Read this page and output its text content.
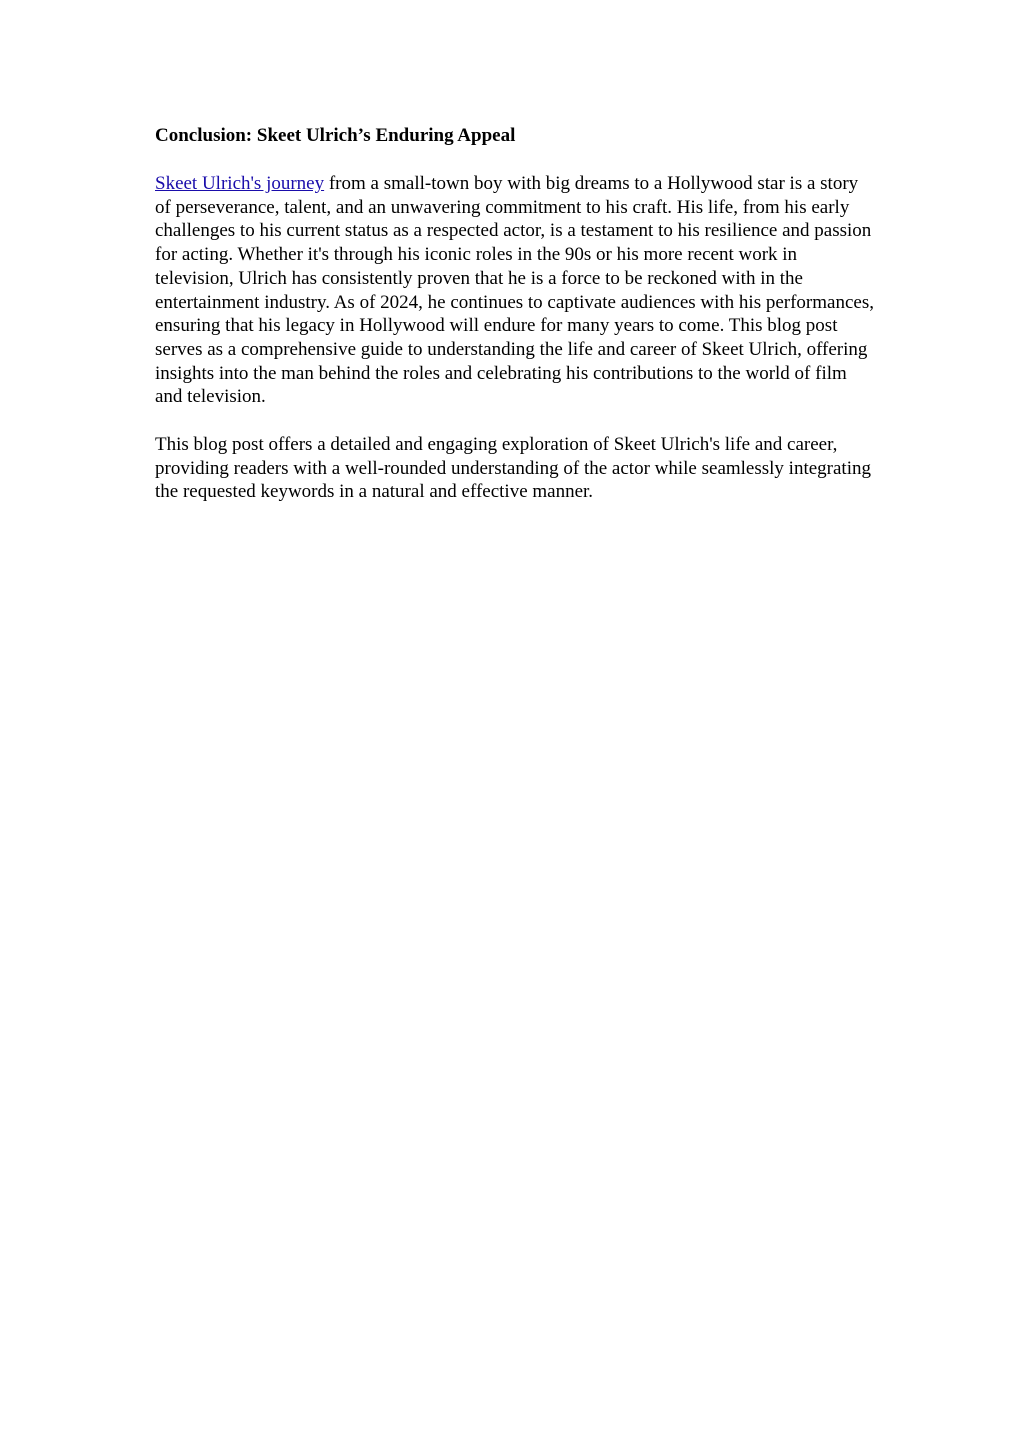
Conclusion: Skeet Ulrich’s Enduring Appeal

Skeet Ulrich's journey from a small-town boy with big dreams to a Hollywood star is a story of perseverance, talent, and an unwavering commitment to his craft. His life, from his early challenges to his current status as a respected actor, is a testament to his resilience and passion for acting. Whether it's through his iconic roles in the 90s or his more recent work in television, Ulrich has consistently proven that he is a force to be reckoned with in the entertainment industry. As of 2024, he continues to captivate audiences with his performances, ensuring that his legacy in Hollywood will endure for many years to come. This blog post serves as a comprehensive guide to understanding the life and career of Skeet Ulrich, offering insights into the man behind the roles and celebrating his contributions to the world of film and television.

This blog post offers a detailed and engaging exploration of Skeet Ulrich's life and career, providing readers with a well-rounded understanding of the actor while seamlessly integrating the requested keywords in a natural and effective manner.
